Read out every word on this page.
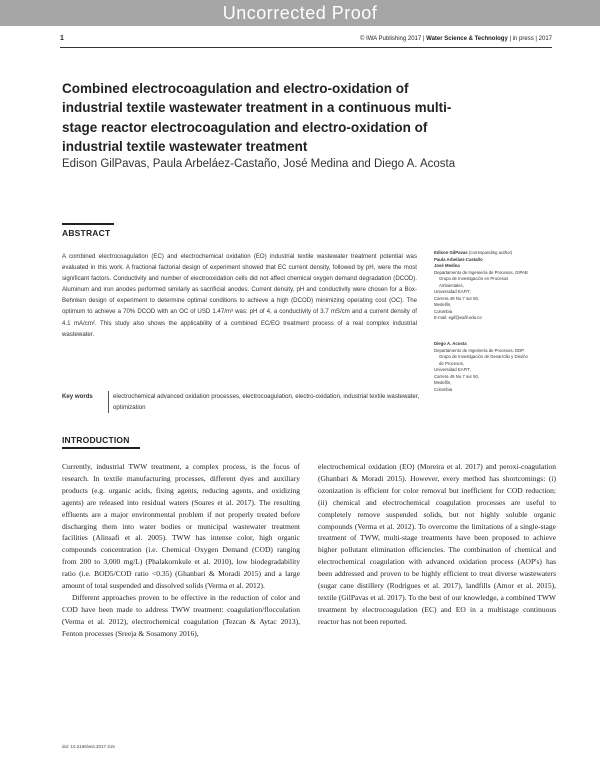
Uncorrected Proof
1	© IWA Publishing 2017 | Water Science & Technology | in press | 2017
Combined electrocoagulation and electro-oxidation of industrial textile wastewater treatment in a continuous multi-stage reactor electrocoagulation and electro-oxidation of industrial textile wastewater treatment

Edison GilPavas, Paula Arbeláez-Castaño, José Medina and Diego A. Acosta

ABSTRACT

A combined electrocoagulation (EC) and electrochemical oxidation (EO) industrial textile wastewater treatment potential was evaluated in this work. A fractional factorial design of experiment showed that EC current density, followed by pH, were the most significant factors. Conductivity and number of electrooxidation cells did not affect chemical oxygen demand degradation (DCOD). Aluminum and iron anodes performed similarly as sacrificial anodes. Current density, pH and conductivity were chosen for a Box-Behnken design of experiment to determine optimal conditions to achieve a high (DCOD) minimizing operating cost (OC). The optimum to achieve a 70% DCOD with an OC of USD 1.47/m³ was: pH of 4, a conductivity of 3.7 mS/cm and a current density of 4.1 mA/cm². This study also shows the applicability of a combined EC/EO treatment process of a real complex industrial wastewater.

Key words	electrochemical advanced oxidation processes, electrocoagulation, electro-oxidation, industrial textile wastewater, optimization
Edison GilPavas (corresponding author)
Paula Arbeláez-Castaño
José Medina
Departamento de Ingeniería de Procesos, GIPAB
Grupo de Investigación en Procesos
Ambientales,
Universidad EAFIT,
Carrera 49 No 7 sur 50,
Medellín,
Colombia
E-mail: egil@eafit.edu.co
Diego A. Acosta
Departamento de Ingeniería de Procesos. DDP.
Grupo de Investigación de Desarrollo y Diseño
de Procesos,
Universidad EAFIT,
Carrera 49 No 7 sur 50,
Medellín,
Colombia
INTRODUCTION

Currently, industrial TWW treatment, a complex process, is the focus of research. In textile manufacturing processes, different dyes and auxiliary products (e.g. organic acids, fixing agents, reducing agents, and oxidizing agents) are released into residual waters (Soares et al. 2017). The resulting effluents are a major environmental problem if not properly treated before discharging them into water bodies or municipal wastewater treatment facilities (Alinsafi et al. 2005). TWW has intense color, high organic compounds concentration (i.e. Chemical Oxygen Demand (COD) ranging from 200 to 3,000 mg/L) (Phalakornkule et al. 2010), low biodegradability ratio (i.e. BOD5/COD ratio <0.35) (Ghanbari & Moradi 2015) and a large amount of total suspended and dissolved solids (Verma et al. 2012).

Different approaches proven to be effective in the reduction of color and COD have been made to address TWW treatment: coagulation/flocculation (Verma et al. 2012), electrochemical coagulation (Tezcan & Aytac 2013), Fenton processes (Sreeja & Sosamony 2016),

electrochemical oxidation (EO) (Moreira et al. 2017) and peroxi-coagulation (Ghanbari & Moradi 2015). However, every method has shortcomings: (i) ozonization is efficient for color removal but inefficient for COD reduction; (ii) chemical and electrochemical coagulation processes are useful to completely remove suspended solids, but not highly soluble organic compounds (Verma et al. 2012). To overcome the limitations of a single-stage treatment of TWW, multi-stage treatments have been proposed to achieve higher pollutant elimination efficiencies. The combination of chemical and electrochemical coagulation with advanced oxidation process (AOP's) has been addressed and proven to be highly efficient to treat diverse wastewaters (sugar cane distillery (Rodrigues et al. 2017), landfills (Amor et al. 2015), textile (GilPavas et al. 2017). To the best of our knowledge, a combined TWW treatment by electrocoagulation (EC) and EO in a multistage continuous reactor has not been reported.

doi: 10.2166/wst.2017.415
